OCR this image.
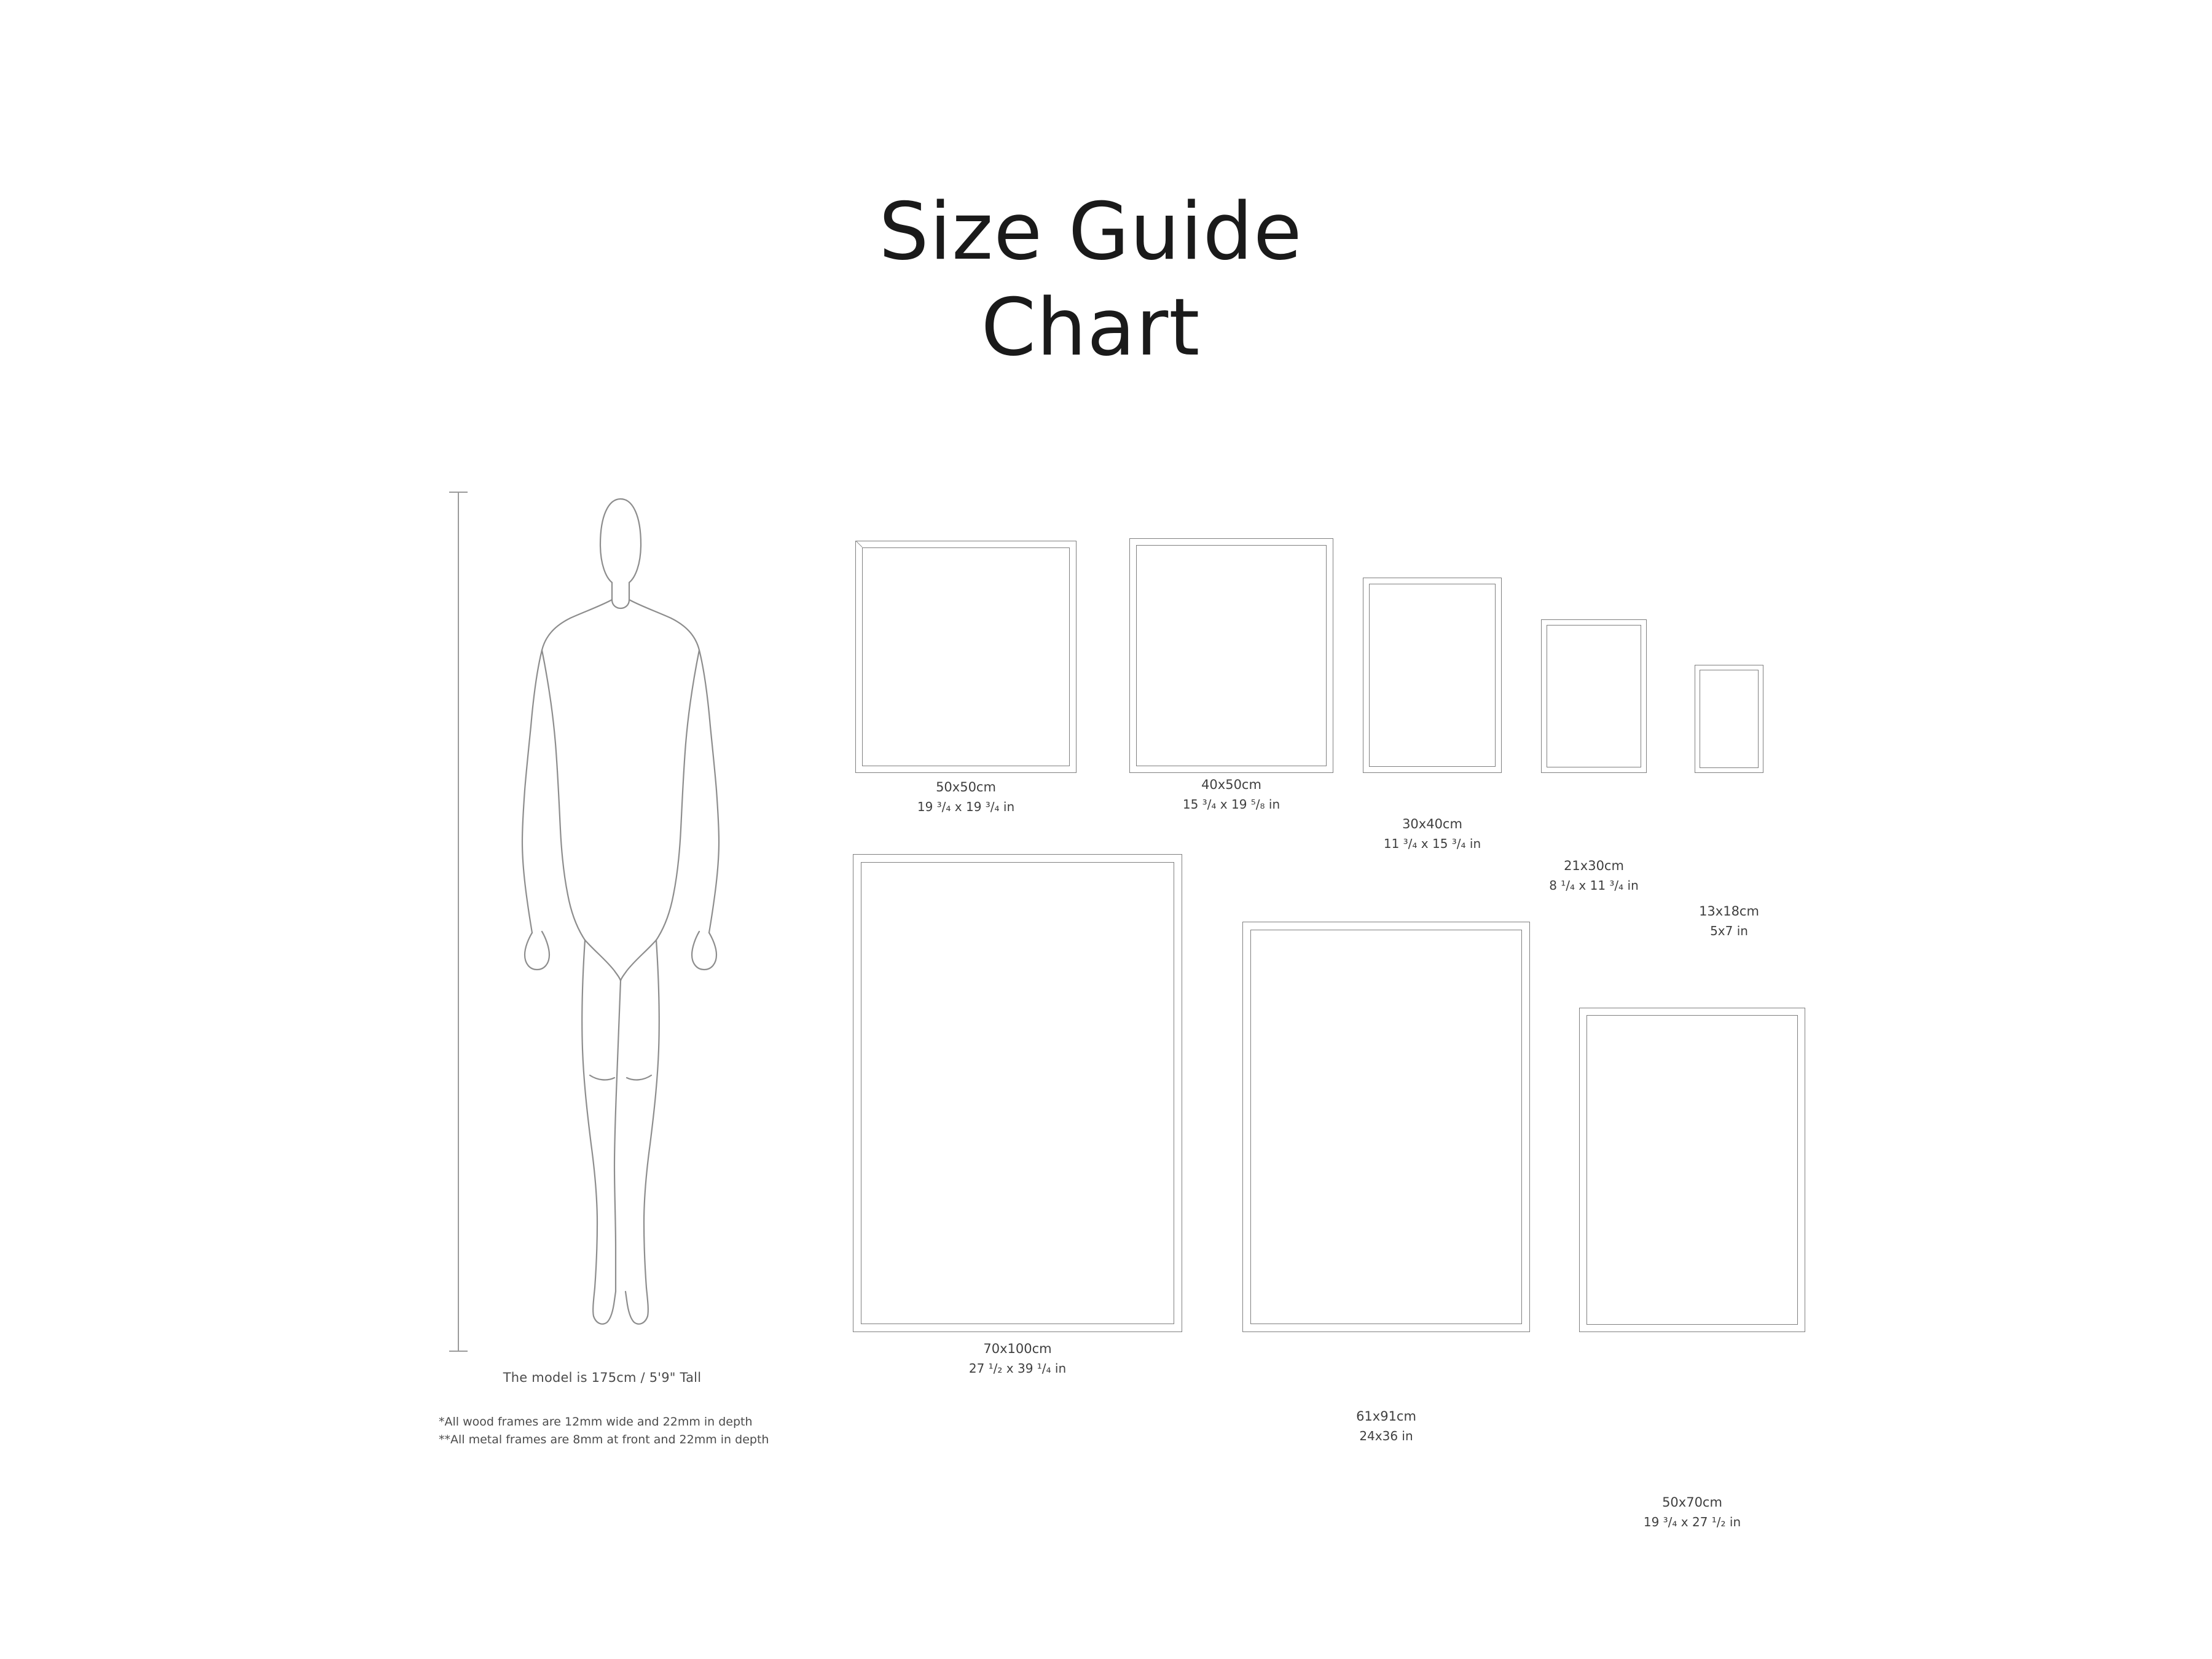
Size Guide
Chart
The model is 175cm / 5'9" Tall
*All wood frames are 12mm wide and 22mm in depth
**All metal frames are 8mm at front and 22mm in depth
50x50cm
19 ³/₄ x 19 ³/₄ in
40x50cm
15 ³/₄ x 19 ⁵/₈ in
30x40cm
11 ³/₄ x 15 ³/₄ in
21x30cm
8 ¹/₄ x 11 ³/₄ in
13x18cm
5x7 in
70x100cm
27 ¹/₂ x 39 ¹/₄ in
61x91cm
24x36 in
50x70cm
19 ³/₄ x 27 ¹/₂ in
